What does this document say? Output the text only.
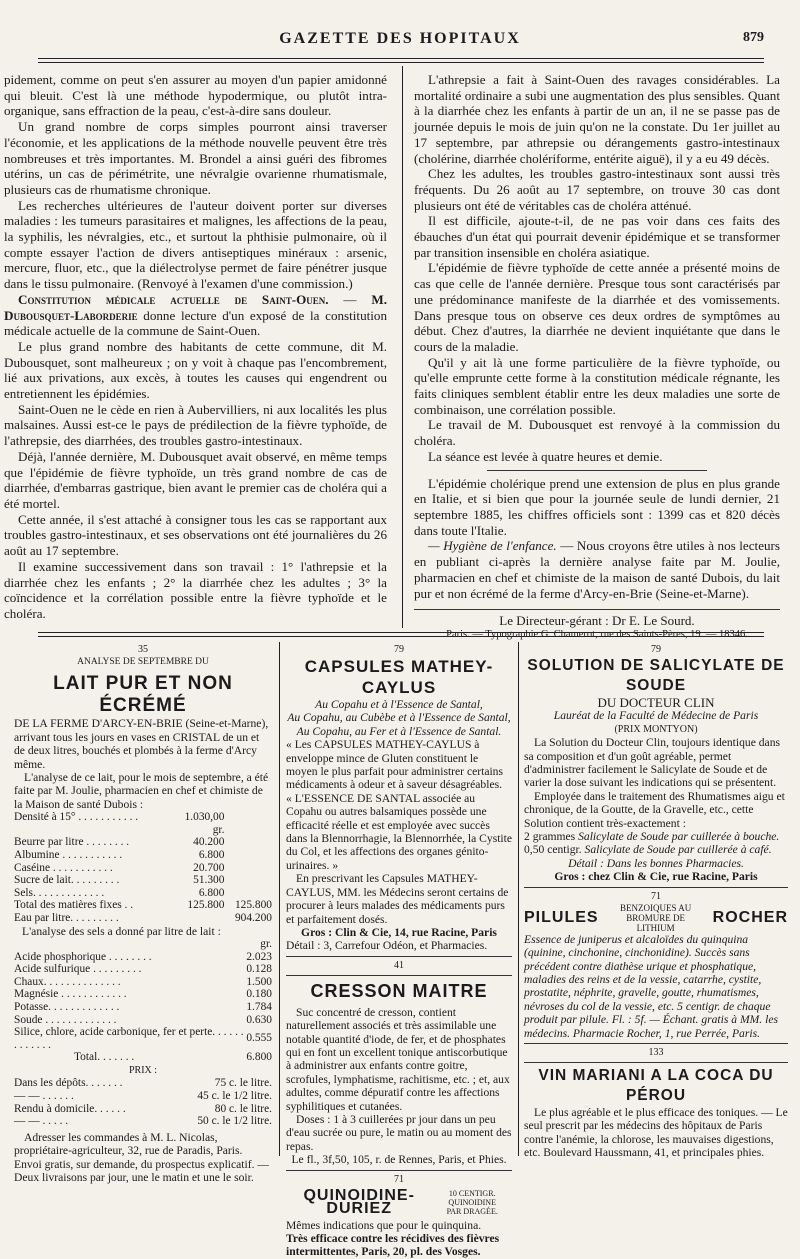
GAZETTE DES HOPITAUX	879

pidement, comme on peut s'en assurer au moyen d'un papier amidonné qui bleuit. C'est là une méthode hypodermique, ou plutôt intra-organique, sans effraction de la peau, c'est-à-dire sans douleur.

Un grand nombre de corps simples pourront ainsi traverser l'économie, et les applications de la méthode nouvelle peuvent être très nombreuses et très importantes. M. Brondel a ainsi guéri des fibromes utérins, un cas de périmétrite, une névralgie ovarienne rhumatismale, plusieurs cas de rhumatisme chronique.

Les recherches ultérieures de l'auteur doivent porter sur diverses maladies : les tumeurs parasitaires et malignes, les affections de la peau, la syphilis, les névralgies, etc., et surtout la phthisie pulmonaire, où il compte essayer l'action de divers antiseptiques minéraux : arsenic, mercure, fluor, etc., que la diélectrolyse permet de faire pénétrer jusque dans le tissu pulmonaire. (Renvoyé à l'examen d'une commission.)

Constitution médicale actuelle de Saint-Ouen. — M. Dubousquet-Laborderie donne lecture d'un exposé de la constitution médicale actuelle de la commune de Saint-Ouen.

Le plus grand nombre des habitants de cette commune, dit M. Dubousquet, sont malheureux ; on y voit à chaque pas l'encombrement, lié aux privations, aux excès, à toutes les causes qui engendrent ou entretiennent les épidémies.

Saint-Ouen ne le cède en rien à Aubervilliers, ni aux localités les plus malsaines. Aussi est-ce le pays de prédilection de la fièvre typhoïde, de l'athrepsie, des diarrhées, des troubles gastro-intestinaux.

Déjà, l'année dernière, M. Dubousquet avait observé, en même temps que l'épidémie de fièvre typhoïde, un très grand nombre de cas de diarrhée, d'embarras gastrique, bien avant le premier cas de choléra qui a été mortel.

Cette année, il s'est attaché à consigner tous les cas se rapportant aux troubles gastro-intestinaux, et ses observations ont été journalières du 26 août au 17 septembre.

Il examine successivement dans son travail : 1° l'athrepsie et la diarrhée chez les enfants ; 2° la diarrhée chez les adultes ; 3° la coïncidence et la corrélation possible entre la fièvre typhoïde et le choléra.

L'athrepsie a fait à Saint-Ouen des ravages considérables. La mortalité ordinaire a subi une augmentation des plus sensibles. Quant à la diarrhée chez les enfants à partir de un an, il ne se passe pas de journée depuis le mois de juin qu'on ne la constate. Du 1er juillet au 17 septembre, par athrepsie ou dérangements gastro-intestinaux (cholérine, diarrhée cholériforme, entérite aiguë), il y a eu 49 décès.

Chez les adultes, les troubles gastro-intestinaux sont aussi très fréquents. Du 26 août au 17 septembre, on trouve 30 cas dont plusieurs ont été de véritables cas de choléra atténué.

Il est difficile, ajoute-t-il, de ne pas voir dans ces faits des ébauches d'un état qui pourrait devenir épidémique et se transformer par transition insensible en choléra asiatique.

L'épidémie de fièvre typhoïde de cette année a présenté moins de cas que celle de l'année dernière. Presque tous sont caractérisés par une prédominance manifeste de la diarrhée et des vomissements. Dans presque tous on observe ces deux ordres de symptômes au début. Chez d'autres, la diarrhée ne devient inquiétante que dans le cours de la maladie.

Qu'il y ait là une forme particulière de la fièvre typhoïde, ou qu'elle emprunte cette forme à la constitution médicale régnante, les faits cliniques semblent établir entre les deux maladies une sorte de combinaison, une corrélation possible.

Le travail de M. Dubousquet est renvoyé à la commission du choléra.

La séance est levée à quatre heures et demie.

L'épidémie cholérique prend une extension de plus en plus grande en Italie, et si bien que pour la journée seule de lundi dernier, 21 septembre 1885, les chiffres officiels sont : 1399 cas et 820 décès dans toute l'Italie.

— Hygiène de l'enfance. — Nous croyons être utiles à nos lecteurs en publiant ci-après la dernière analyse faite par M. Joulie, pharmacien en chef et chimiste de la maison de santé Dubois, du lait pur et non écrémé de la ferme d'Arcy-en-Brie (Seine-et-Marne).

Le Directeur-gérant : Dr E. Le Sourd.

Paris. — Typographie G. Chamerot, rue des Saints-Pères, 19. — 18346.

35
ANALYSE DE SEPTEMBRE DU
LAIT PUR ET NON ÉCRÉMÉ

DE LA FERME D'ARCY-EN-BRIE (Seine-et-Marne), arrivant tous les jours en vases en CRISTAL de un et de deux litres, bouchés et plombés à la ferme d'Arcy même.

L'analyse de ce lait, pour le mois de septembre, a été faite par M. Joulie, pharmacien en chef et chimiste de la Maison de santé Dubois :

Densité à 15° . . . . . . . . . . .	1.030,00	
	gr.	
Beurre par litre . . . . . . . .	40.200	
Albumine . . . . . . . . . . .	6.800	
Caséine . . . . . . . . . . .	20.700	
Sucre de lait. . . . . . . . .	51.300	
Sels. . . . . . . . . . . . .	6.800	
Total des matières fixes . .	125.800	125.800
Eau par litre. . . . . . . . .		904.200

L'analyse des sels a donné par litre de lait :

	gr.
Acide phosphorique . . . . . . . .	2.023
Acide sulfurique . . . . . . . . .	0.128
Chaux. . . . . . . . . . . . . .	1.500
Magnésie . . . . . . . . . . . .	0.180
Potasse. . . . . . . . . . . . .	1.784
Soude . . . . . . . . . . . . .	0.630
Silice, chlore, acide carbonique, fer et perte. . . . . . . . . . . . .	0.555
Total. . . . . . .	6.800
PRIX :
Dans les dépôts. . . . . . .	75 c. le litre.
— — . . . . . .	45 c. le 1/2 litre.
Rendu à domicile. . . . . .	80 c. le litre.
— — . . . . .	50 c. le 1/2 litre.

Adresser les commandes à M. L. Nicolas, propriétaire-agriculteur, 32, rue de Paradis, Paris. Envoi gratis, sur demande, du prospectus explicatif. — Deux livraisons par jour, une le matin et une le soir.

79
CAPSULES MATHEY-CAYLUS
Au Copahu et à l'Essence de Santal,
Au Copahu, au Cubèbe et à l'Essence de Santal,
Au Copahu, au Fer et à l'Essence de Santal.

« Les CAPSULES MATHEY-CAYLUS à enveloppe mince de Gluten constituent le moyen le plus parfait pour administrer certains médicaments à odeur et à saveur désagréables.

« L'ESSENCE DE SANTAL associée au Copahu ou autres balsamiques possède une efficacité réelle et est employée avec succès dans la Blennorrhagie, la Blennorrhée, la Cystite du Col, et les affections des organes génito-urinaires. »

En prescrivant les Capsules MATHEY-CAYLUS, MM. les Médecins seront certains de procurer à leurs malades des médicaments purs et parfaitement dosés.

Gros : Clin & Cie, 14, rue Racine, Paris

Détail : 3, Carrefour Odéon, et Pharmacies.

41
CRESSON MAITRE

Suc concentré de cresson, contient naturellement associés et très assimilable une notable quantité d'iode, de fer, et de phosphates qui en font un excellent tonique antiscorbutique à administrer aux enfants contre goitre, scrofules, lymphatisme, rachitisme, etc. ; et, aux adultes, comme dépuratif contre les affections syphilitiques et cutanées.

Doses : 1 à 3 cuillerées pr jour dans un peu d'eau sucrée ou pure, le matin ou au moment des repas.

Le fl., 3f,50, 105, r. de Rennes, Paris, et Phies.

71
QUINOIDINE-DURIEZ
10 CENTIGR. QUINOIDINE
PAR DRAGÉE.

Mêmes indications que pour le quinquina.

Très efficace contre les récidives des fièvres intermittentes, Paris, 20, pl. des Vosges.

79
SOLUTION DE SALICYLATE DE SOUDE
DU DOCTEUR CLIN
Lauréat de la Faculté de Médecine de Paris
(PRIX MONTYON)

La Solution du Docteur Clin, toujours identique dans sa composition et d'un goût agréable, permet d'administrer facilement le Salicylate de Soude et de varier la dose suivant les indications qui se présentent.

Employée dans le traitement des Rhumatismes aigu et chronique, de la Goutte, de la Gravelle, etc., cette Solution contient très-exactement :

2 grammes Salicylate de Soude par cuillerée à bouche.

0,50 centigr. Salicylate de Soude par cuillerée à café.

Détail : Dans les bonnes Pharmacies.

Gros : chez Clin & Cie, rue Racine, Paris

71
PILULES
BENZOIQUES AU BROMURE DE LITHIUM
ROCHER

Essence de juniperus et alcaloïdes du quinquina (quinine, cinchonine, cinchonidine). Succès sans précédent contre diathèse urique et phosphatique, maladies des reins et de la vessie, catarrhe, cystite, prostatite, néphrite, gravelle, goutte, rhumatismes, névroses du col de la vessie, etc. 5 centigr. de chaque produit par pilule. Fl. : 5f. — Échant. gratis à MM. les médecins. Pharmacie Rocher, 1, rue Perrée, Paris.

133
VIN MARIANI A LA COCA DU PÉROU

Le plus agréable et le plus efficace des toniques. — Le seul prescrit par les médecins des hôpitaux de Paris contre l'anémie, la chlorose, les mauvaises digestions, etc. Boulevard Haussmann, 41, et principales phies.
